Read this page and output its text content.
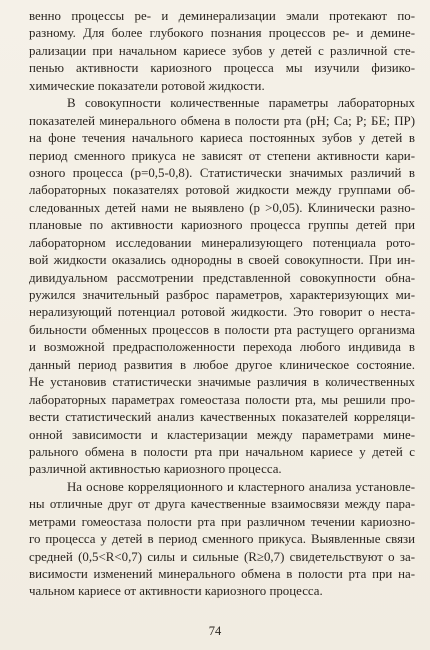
венно процессы ре- и деминерализации эмали протекают по-
разному. Для более глубокого познания процессов ре- и демине-
рализации при начальном кариесе зубов у детей с различной сте-
пенью активности кариозного процесса мы изучили физико-
химические показатели ротовой жидкости.
В совокупности количественные параметры лабораторных
показателей минерального обмена в полости рта (pH; Ca; P; БЕ; ПР)
на фоне течения начального кариеса постоянных зубов у детей в
период сменного прикуса не зависят от степени активности кари-
озного процесса (p=0,5-0,8). Статистически значимых различий в
лабораторных показателях ротовой жидкости между группами об-
следованных детей нами не выявлено (p >0,05). Клинически разно-
плановые по активности кариозного процесса группы детей при
лабораторном исследовании минерализующего потенциала рото-
вой жидкости оказались однородны в своей совокупности. При ин-
дивидуальном рассмотрении представленной совокупности обна-
ружился значительный разброс параметров, характеризующих ми-
нерализующий потенциал ротовой жидкости. Это говорит о неста-
бильности обменных процессов в полости рта растущего организма
и возможной предрасположенности перехода любого индивида в
данный период развития в любое другое клиническое состояние.
Не установив статистически значимые различия в количественных
лабораторных параметрах гомеостаза полости рта, мы решили про-
вести статистический анализ качественных показателей корреляци-
онной зависимости и кластеризации между параметрами мине-
рального обмена в полости рта при начальном кариесе у детей с
различной активностью кариозного процесса.
На основе корреляционного и кластерного анализа установле-
ны отличные друг от друга качественные взаимосвязи между пара-
метрами гомеостаза полости рта при различном течении кариозно-
го процесса у детей в период сменного прикуса. Выявленные связи
средней (0,5<R<0,7) силы и сильные (R≥0,7) свидетельствуют о за-
висимости изменений минерального обмена в полости рта при на-
чальном кариесе от активности кариозного процесса.
74
